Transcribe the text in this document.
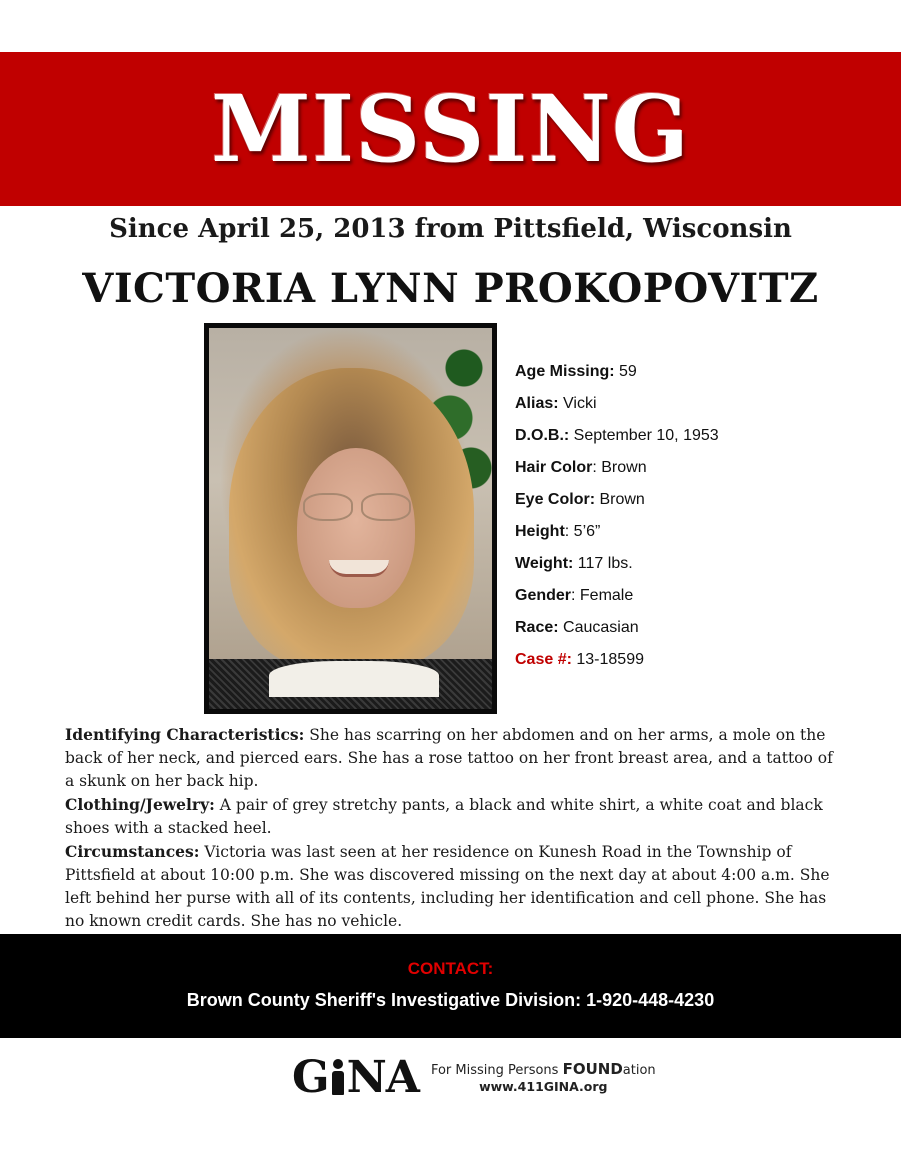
MISSING
Since April 25, 2013 from Pittsfield, Wisconsin
VICTORIA LYNN PROKOPOVITZ
Age Missing: 59
Alias: Vicki
D.O.B.: September 10, 1953
Hair Color: Brown
Eye Color: Brown
Height: 5’6”
Weight: 117 lbs.
Gender: Female
Race: Caucasian
Case #: 13-18599
Identifying Characteristics: She has scarring on her abdomen and on her arms, a mole on the back of her neck, and pierced ears. She has a rose tattoo on her front breast area, and a tattoo of a skunk on her back hip.
Clothing/Jewelry: A pair of grey stretchy pants, a black and white shirt, a white coat and black shoes with a stacked heel.
Circumstances: Victoria was last seen at her residence on Kunesh Road in the Township of Pittsfield at about 10:00 p.m. She was discovered missing on the next day at about 4:00 a.m. She left behind her purse with all of its contents, including her identification and cell phone. She has no known credit cards. She has no vehicle.
CONTACT:
Brown County Sheriff's Investigative Division: 1-920-448-4230
G NA For Missing Persons FOUNDation
www.411GINA.org
